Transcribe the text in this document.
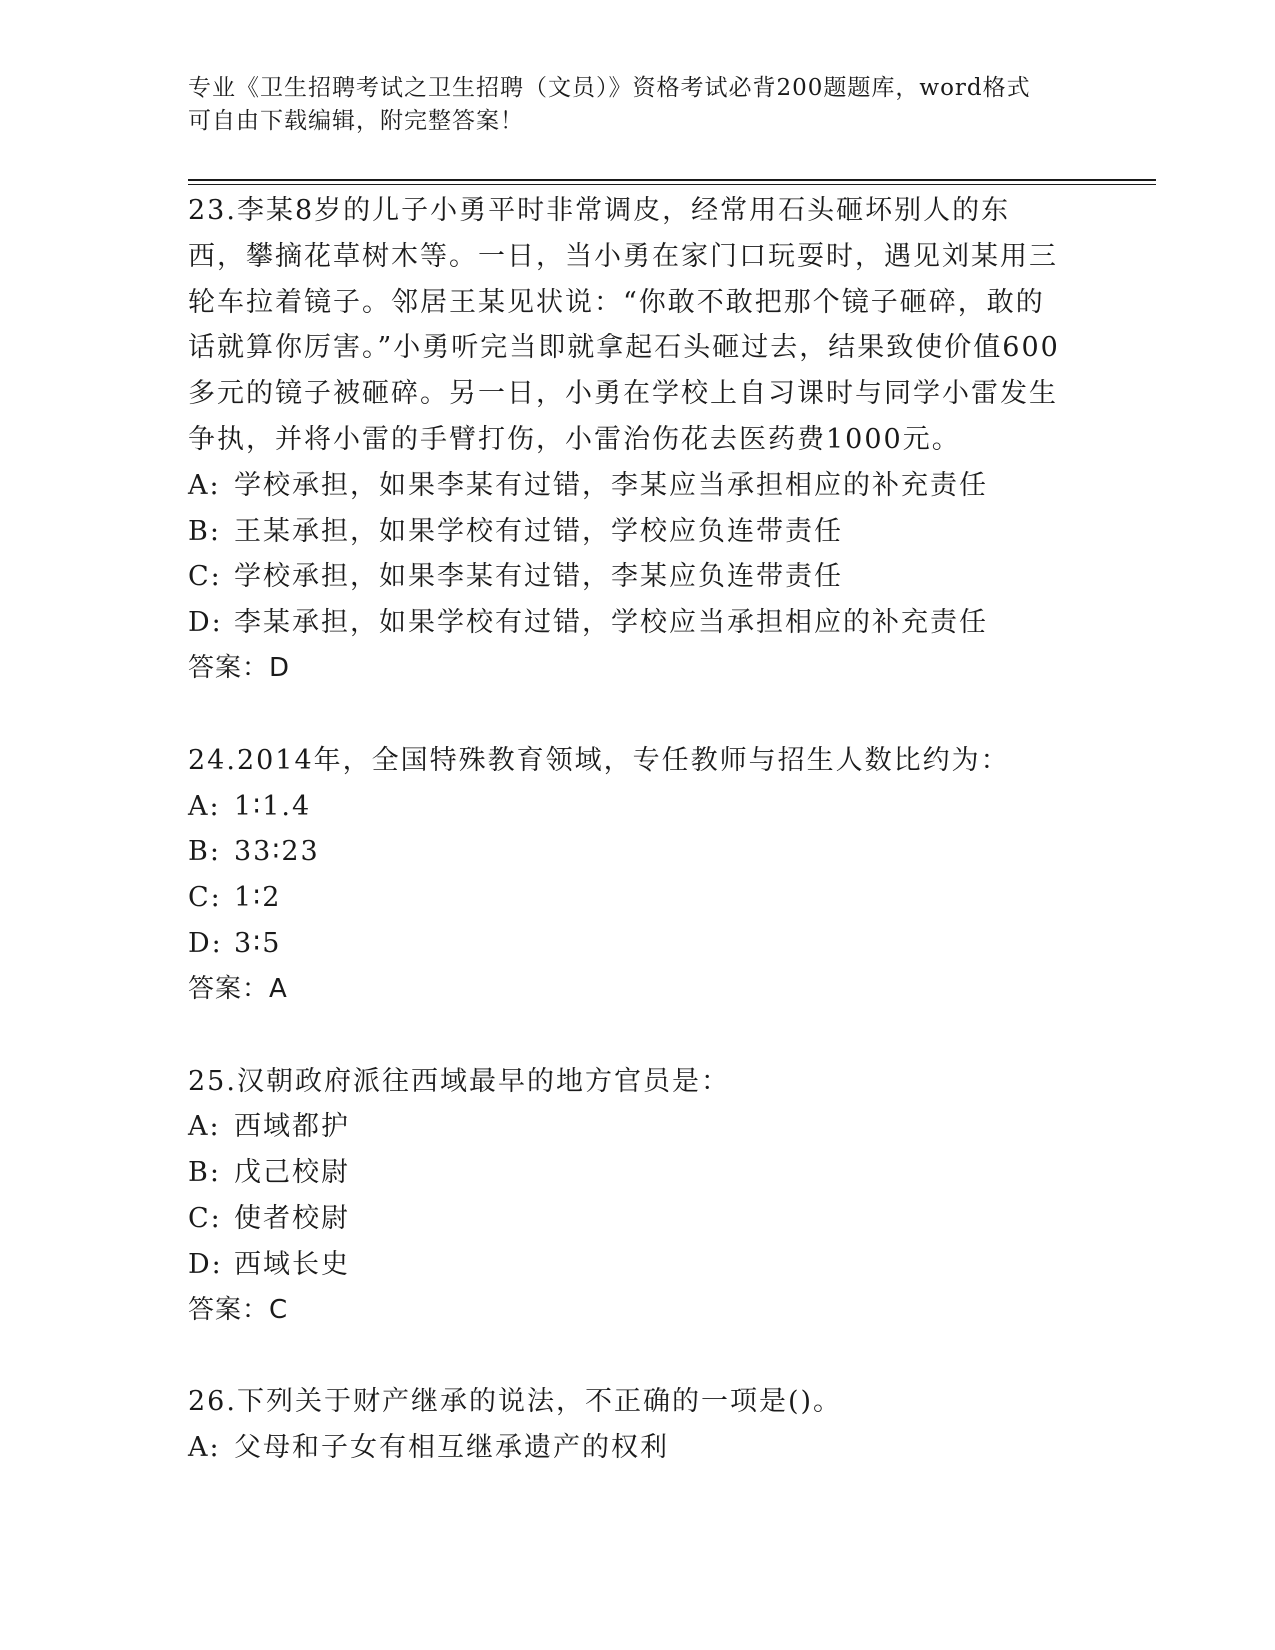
专业《卫生招聘考试之卫生招聘（文员）》资格考试必背200题题库，word格式
可自由下载编辑，附完整答案！

23.李某8岁的儿子小勇平时非常调皮，经常用石头砸坏别人的东西，攀摘花草树木等。一日，当小勇在家门口玩耍时，遇见刘某用三轮车拉着镜子。邻居王某见状说：“你敢不敢把那个镜子砸碎，敢的话就算你厉害。”小勇听完当即就拿起石头砸过去，结果致使价值600多元的镜子被砸碎。另一日，小勇在学校上自习课时与同学小雷发生争执，并将小雷的手臂打伤，小雷治伤花去医药费1000元。

A: 学校承担，如果李某有过错，李某应当承担相应的补充责任

B: 王某承担，如果学校有过错，学校应负连带责任

C: 学校承担，如果李某有过错，李某应负连带责任

D: 李某承担，如果学校有过错，学校应当承担相应的补充责任

答案：D

24.2014年，全国特殊教育领域，专任教师与招生人数比约为：

A: 1∶1.4

B: 33∶23

C: 1∶2

D: 3∶5

答案：A

25.汉朝政府派往西域最早的地方官员是：

A: 西域都护

B: 戊己校尉

C: 使者校尉

D: 西域长史

答案：C

26.下列关于财产继承的说法，不正确的一项是()。

A: 父母和子女有相互继承遗产的权利
